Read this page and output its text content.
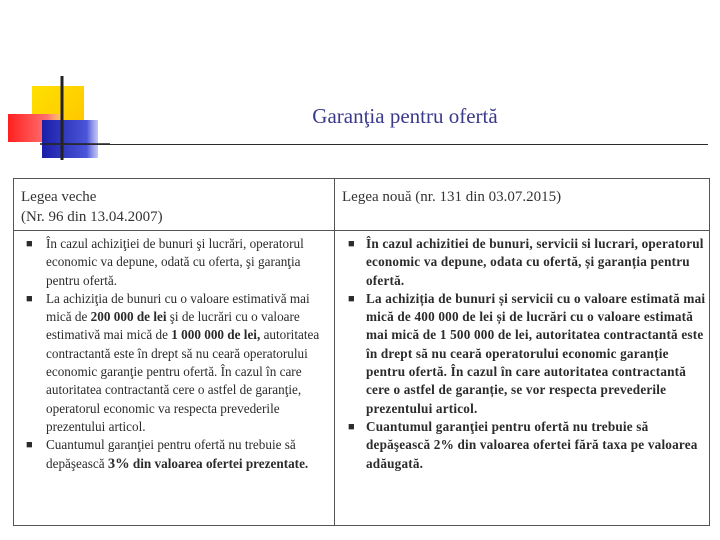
Garanţia pentru ofertă
Legea veche
(Nr. 96 din 13.04.2007)
Legea nouă (nr. 131 din 03.07.2015)
■ În cazul achiziţiei de bunuri şi lucrări, operatorul economic va depune, odată cu oferta, şi garanţia pentru ofertă.
■ La achiziţia de bunuri cu o valoare estimativă mai mică de 200 000 de lei şi de lucrări cu o valoare estimativă mai mică de 1 000 000 de lei, autoritatea contractantă este în drept să nu ceară operatorului economic garanţie pentru ofertă. În cazul în care autoritatea contractantă cere o astfel de garanţie, operatorul economic va respecta prevederile prezentului articol.
■ Cuantumul garanţiei pentru ofertă nu trebuie să depăşească 3% din valoarea ofertei prezentate.
■ În cazul achizitiei de bunuri, servicii si lucrari, operatorul economic va depune, odata cu ofertă, și garanția pentru ofertă.
■ La achiziția de bunuri și servicii cu o valoare estimată mai mică de 400 000 de lei și de lucrări cu o valoare estimată mai mică de 1 500 000 de lei, autoritatea contractantă este în drept să nu ceară operatorului economic garanție pentru ofertă. În cazul în care autoritatea contractantă cere o astfel de garanție, se vor respecta prevederile prezentului articol.
■ Cuantumul garanţiei pentru ofertă nu trebuie să depăşească 2% din valoarea ofertei fără taxa pe valoarea adăugată.
